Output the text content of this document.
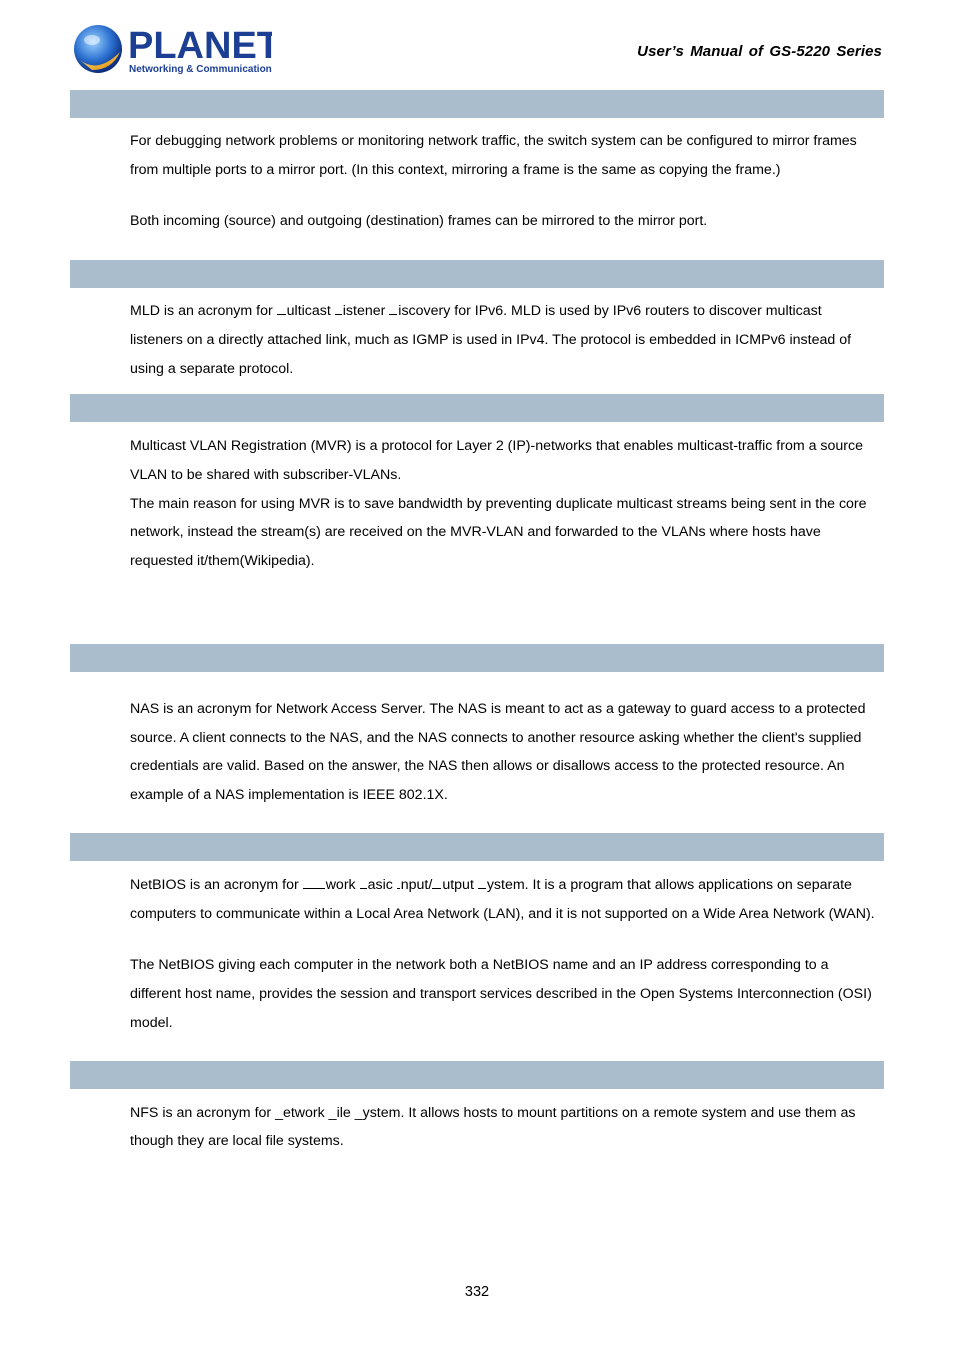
PLANET
Networking & Communication
User’s Manual of GS-5220 Series
For debugging network problems or monitoring network traffic, the switch system can be configured to mirror frames
from multiple ports to a mirror port. (In this context, mirroring a frame is the same as copying the frame.)
Both incoming (source) and outgoing (destination) frames can be mirrored to the mirror port.
MLD is an acronym for ulticast istener iscovery for IPv6. MLD is used by IPv6 routers to discover multicast
listeners on a directly attached link, much as IGMP is used in IPv4. The protocol is embedded in ICMPv6 instead of
using a separate protocol.
Multicast VLAN Registration (MVR) is a protocol for Layer 2 (IP)-networks that enables multicast-traffic from a source
VLAN to be shared with subscriber-VLANs.
The main reason for using MVR is to save bandwidth by preventing duplicate multicast streams being sent in the core
network, instead the stream(s) are received on the MVR-VLAN and forwarded to the VLANs where hosts have
requested it/them(Wikipedia).
NAS is an acronym for Network Access Server. The NAS is meant to act as a gateway to guard access to a protected
source. A client connects to the NAS, and the NAS connects to another resource asking whether the client's supplied
credentials are valid. Based on the answer, the NAS then allows or disallows access to the protected resource. An
example of a NAS implementation is IEEE 802.1X.
NetBIOS is an acronym for work asic nput/ utput ystem. It is a program that allows applications on separate
computers to communicate within a Local Area Network (LAN), and it is not supported on a Wide Area Network (WAN).
The NetBIOS giving each computer in the network both a NetBIOS name and an IP address corresponding to a
different host name, provides the session and transport services described in the Open Systems Interconnection (OSI)
model.
NFS is an acronym for _etwork _ile _ystem. It allows hosts to mount partitions on a remote system and use them as
though they are local file systems.
332
